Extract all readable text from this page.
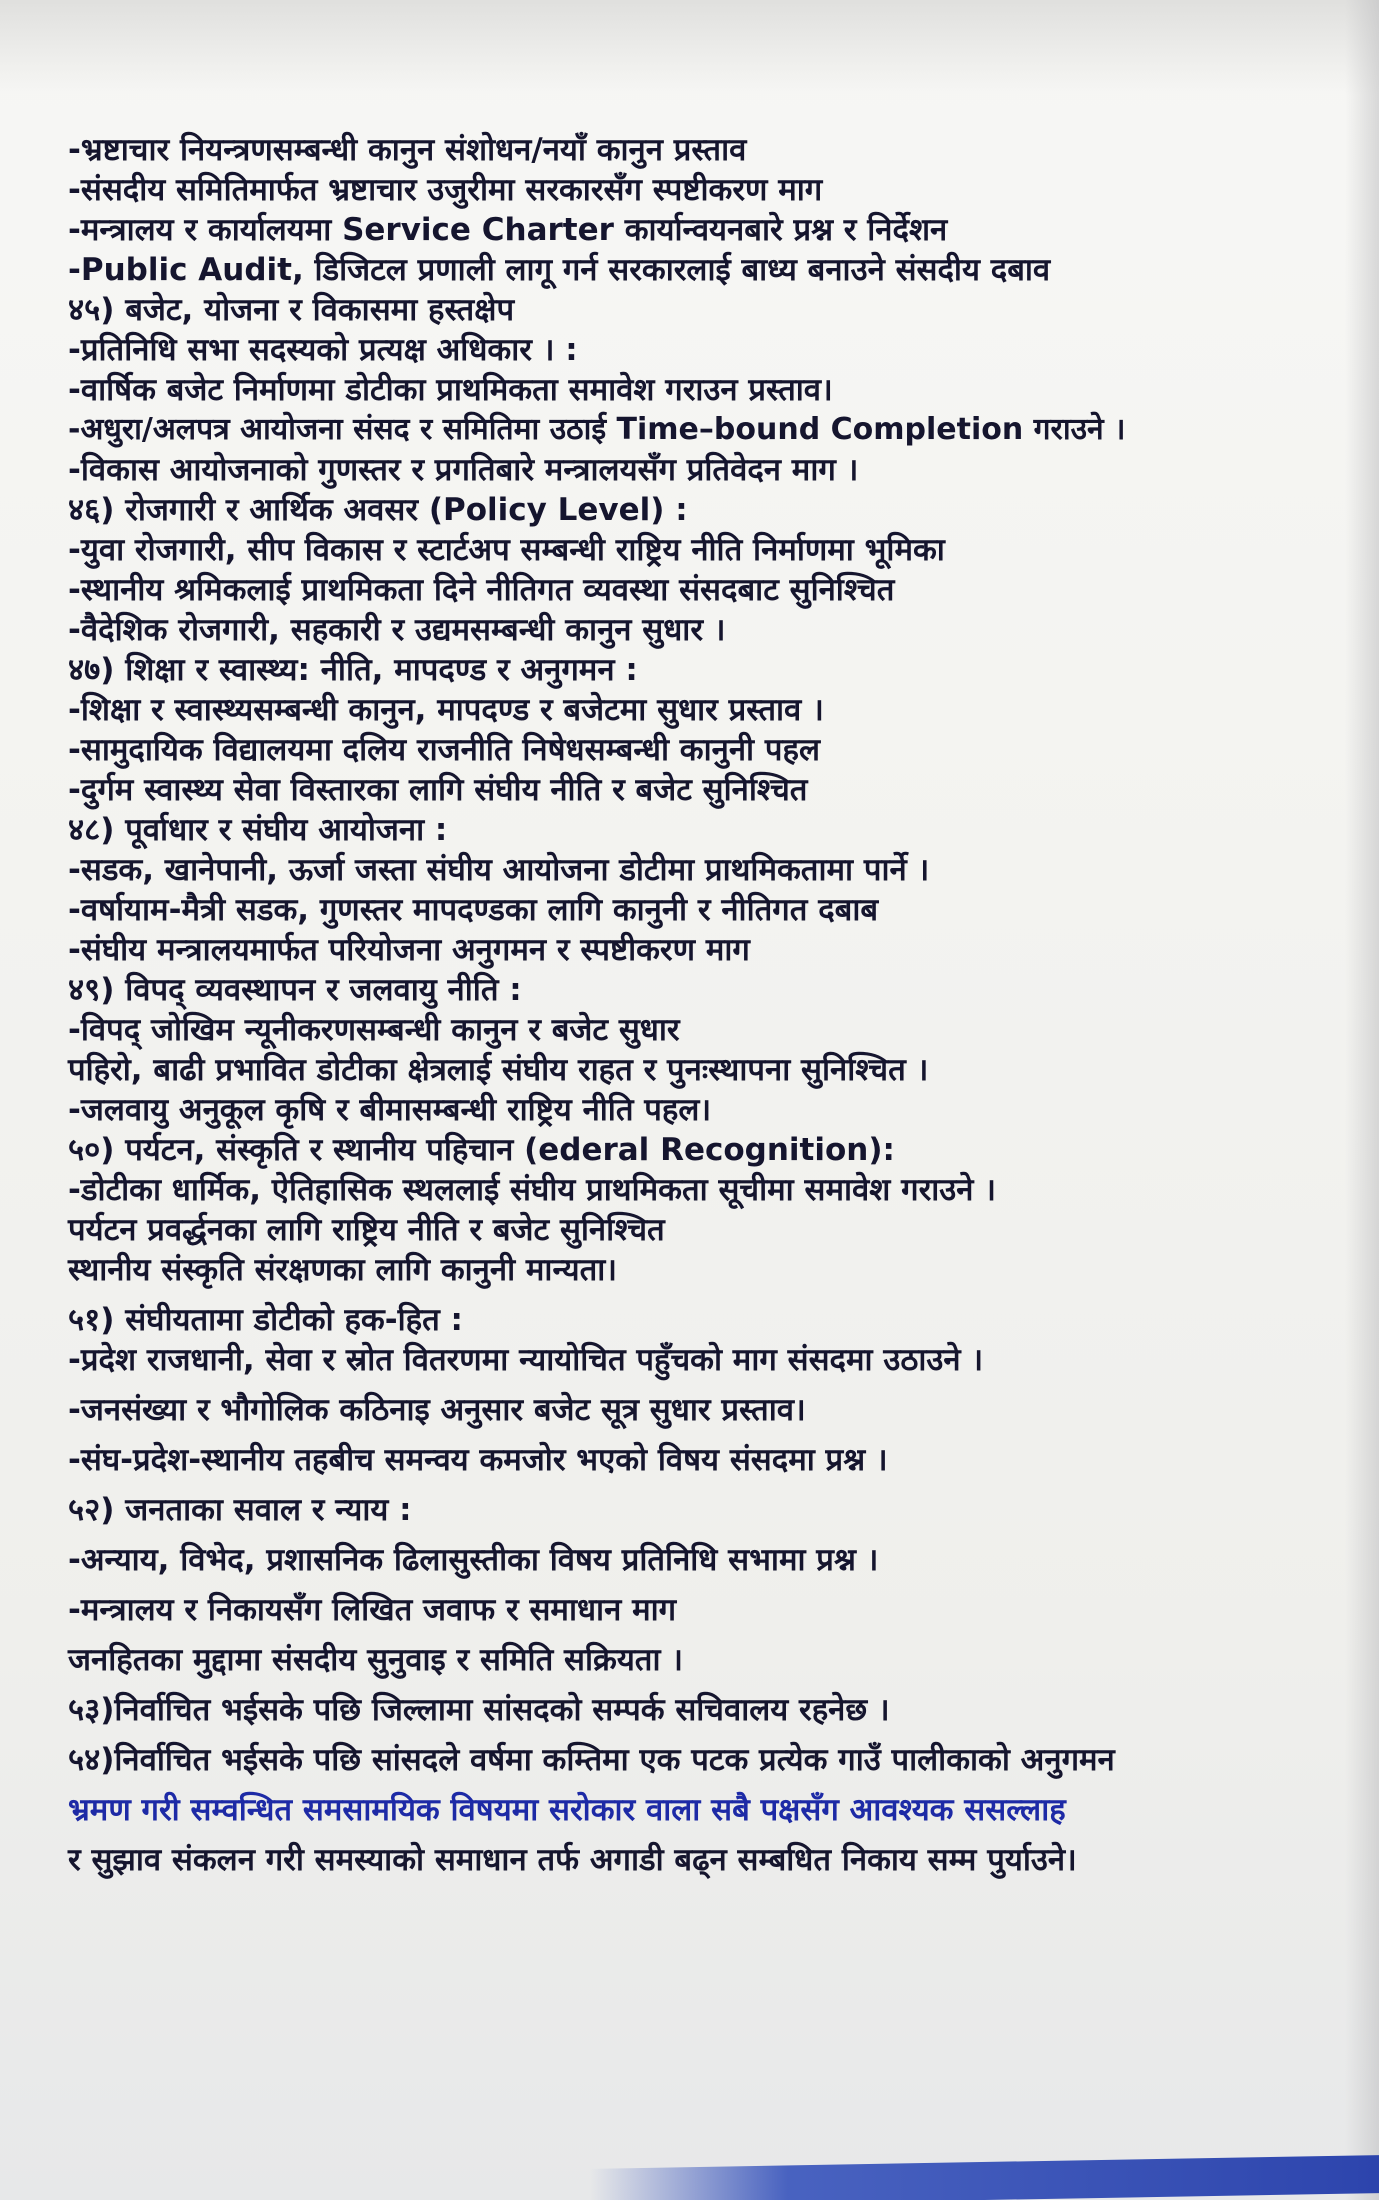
-भ्रष्टाचार नियन्त्रणसम्बन्धी कानुन संशोधन/नयाँ कानुन प्रस्ताव
-संसदीय समितिमार्फत भ्रष्टाचार उजुरीमा सरकारसँग स्पष्टीकरण माग
-मन्त्रालय र कार्यालयमा Service Charter कार्यान्वयनबारे प्रश्न र निर्देशन
-Public Audit, डिजिटल प्रणाली लागू गर्न सरकारलाई बाध्य बनाउने संसदीय दबाव
४५) बजेट, योजना र विकासमा हस्तक्षेप
-प्रतिनिधि सभा सदस्यको प्रत्यक्ष अधिकार । :
-वार्षिक बजेट निर्माणमा डोटीका प्राथमिकता समावेश गराउन प्रस्ताव।
-अधुरा/अलपत्र आयोजना संसद र समितिमा उठाई Time–bound Completion गराउने ।
-विकास आयोजनाको गुणस्तर र प्रगतिबारे मन्त्रालयसँग प्रतिवेदन माग ।
४६) रोजगारी र आर्थिक अवसर (Policy Level) :
-युवा रोजगारी, सीप विकास र स्टार्टअप सम्बन्धी राष्ट्रिय नीति निर्माणमा भूमिका
-स्थानीय श्रमिकलाई प्राथमिकता दिने नीतिगत व्यवस्था संसदबाट सुनिश्चित
-वैदेशिक रोजगारी, सहकारी र उद्यमसम्बन्धी कानुन सुधार ।
४७) शिक्षा र स्वास्थ्य: नीति, मापदण्ड र अनुगमन :
-शिक्षा र स्वास्थ्यसम्बन्धी कानुन, मापदण्ड र बजेटमा सुधार प्रस्ताव ।
-सामुदायिक विद्यालयमा दलिय राजनीति निषेधसम्बन्धी कानुनी पहल
-दुर्गम स्वास्थ्य सेवा विस्तारका लागि संघीय नीति र बजेट सुनिश्चित
४८) पूर्वाधार र संघीय आयोजना :
-सडक, खानेपानी, ऊर्जा जस्ता संघीय आयोजना डोटीमा प्राथमिकतामा पार्ने ।
-वर्षायाम-मैत्री सडक, गुणस्तर मापदण्डका लागि कानुनी र नीतिगत दबाब
-संघीय मन्त्रालयमार्फत परियोजना अनुगमन र स्पष्टीकरण माग
४९) विपद् व्यवस्थापन र जलवायु नीति :
-विपद् जोखिम न्यूनीकरणसम्बन्धी कानुन र बजेट सुधार
पहिरो, बाढी प्रभावित डोटीका क्षेत्रलाई संघीय राहत र पुनःस्थापना सुनिश्चित ।
-जलवायु अनुकूल कृषि र बीमासम्बन्धी राष्ट्रिय नीति पहल।
५०) पर्यटन, संस्कृति र स्थानीय पहिचान (ederal Recognition):
-डोटीका धार्मिक, ऐतिहासिक स्थललाई संघीय प्राथमिकता सूचीमा समावेश गराउने ।
पर्यटन प्रवर्द्धनका लागि राष्ट्रिय नीति र बजेट सुनिश्चित
स्थानीय संस्कृति संरक्षणका लागि कानुनी मान्यता।
५१) संघीयतामा डोटीको हक-हित :
-प्रदेश राजधानी, सेवा र स्रोत वितरणमा न्यायोचित पहुँचको माग संसदमा उठाउने ।
-जनसंख्या र भौगोलिक कठिनाइ अनुसार बजेट सूत्र सुधार प्रस्ताव।
-संघ-प्रदेश-स्थानीय तहबीच समन्वय कमजोर भएको विषय संसदमा प्रश्न ।
५२) जनताका सवाल र न्याय :
-अन्याय, विभेद, प्रशासनिक ढिलासुस्तीका विषय प्रतिनिधि सभामा प्रश्न ।
-मन्त्रालय र निकायसँग लिखित जवाफ र समाधान माग
जनहितका मुद्दामा संसदीय सुनुवाइ र समिति सक्रियता ।
५३)निर्वाचित भईसके पछि जिल्लामा सांसदको सम्पर्क सचिवालय रहनेछ ।
५४)निर्वाचित भईसके पछि सांसदले वर्षमा कम्तिमा एक पटक प्रत्येक गाउँ पालीकाको अनुगमन
भ्रमण गरी सम्वन्धित समसामयिक विषयमा सरोकार वाला सबै पक्षसँग आवश्यक ससल्लाह
र सुझाव संकलन गरी समस्याको समाधान तर्फ अगाडी बढ्न सम्बधित निकाय सम्म पुर्याउने।
